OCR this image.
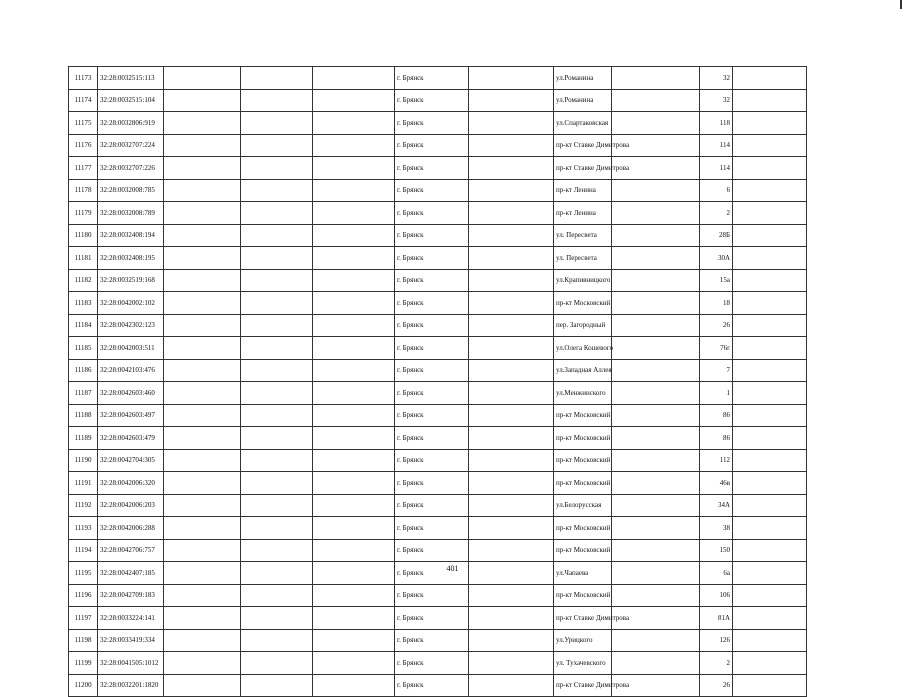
11173	32:28:0032515:113				г. Брянск		ул.Романина		32	
11174	32:28:0032515:104				г. Брянск		ул.Романина		32	
11175	32:28:0032806:919				г. Брянск		ул.Спартаковская		118	
11176	32:28:0032707:224				г. Брянск		пр-кт Ставке Димитрова		114	
11177	32:28:0032707:226				г. Брянск		пр-кт Ставке Димитрова		114	
11178	32:28:0032008:785				г. Брянск		пр-кт Ленина		6	
11179	32:28:0032008:789				г. Брянск		пр-кт Ленина		2	
11180	32:28:0032408:194				г. Брянск		ул. Пересвета		28Б	
11181	32:28:0032408:195				г. Брянск		ул. Пересвета		30А	
11182	32:28:0032519:168				г. Брянск		ул.Крапивницкого		15а	
11183	32:28:0042002:102				г. Брянск		пр-кт Московский		18	
11184	32:28:0042302:123				г. Брянск		пер. Загородный		26	
11185	32:28:0042003:511				г. Брянск		ул.Олега Кошевого		76г	
11186	32:28:0042103:476				г. Брянск		ул.Западная Аллея		7	
11187	32:28:0042603:460				г. Брянск		ул.Менжинского		1	
11188	32:28:0042603:497				г. Брянск		пр-кт Московский		86	
11189	32:28:0042603:479				г. Брянск		пр-кт Московский		86	
11190	32:28:0042704:305				г. Брянск		пр-кт Московский		112	
11191	32:28:0042006:320				г. Брянск		пр-кт Московский		46в	
11192	32:28:0042006:203				г. Брянск		ул.Белорусская		34А	
11193	32:28:0042006:288				г. Брянск		пр-кт Московский		38	
11194	32:28:0042706:757				г. Брянск		пр-кт Московский		150	
11195	32:28:0042407:185				г. Брянск		ул.Чапаева		6а	
11196	32:28:0042709:183				г. Брянск		пр-кт Московский		106	
11197	32:28:0033224:141				г. Брянск		пр-кт Ставке Димитрова		81А	
11198	32:28:0033419:334				г. Брянск		ул.Урицкого		126	
11199	32:28:0041505:1012				г. Брянск		ул. Тухачевского		2	
11200	32:28:0032201:1820				г. Брянск		пр-кт Ставке Димитрова		26	
401
